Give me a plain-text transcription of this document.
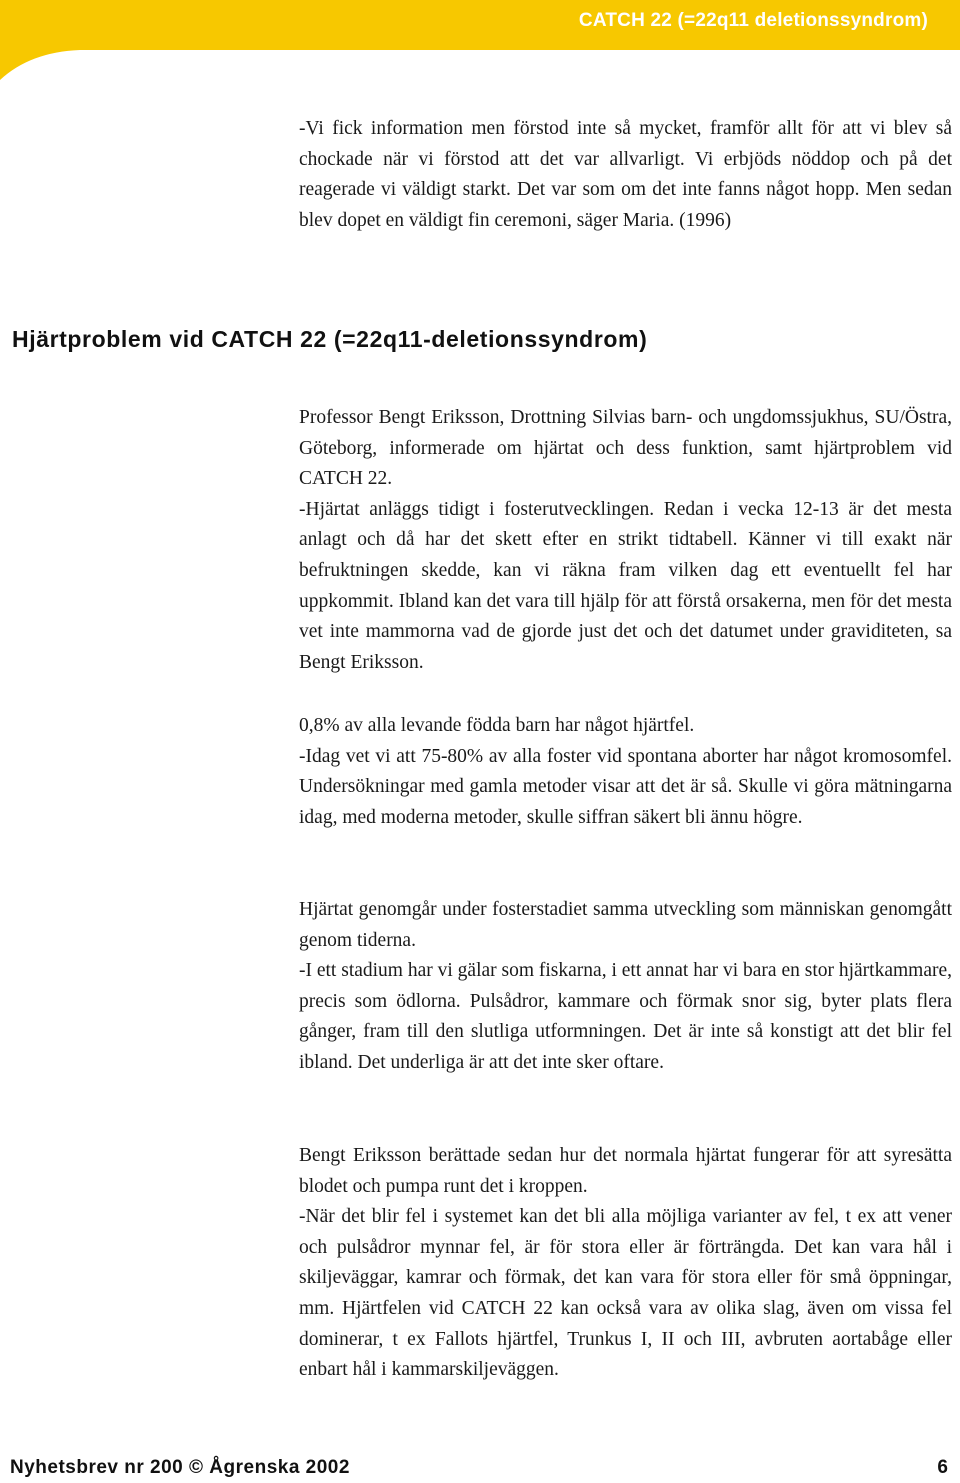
CATCH 22 (=22q11 deletionssyndrom)

-Vi fick information men förstod inte så mycket, framför allt för att vi blev så chockade när vi förstod att det var allvarligt. Vi erbjöds nöddop och på det reagerade vi väldigt starkt. Det var som om det inte fanns något hopp. Men sedan blev dopet en väldigt fin ceremoni, säger Maria. (1996)

Hjärtproblem vid CATCH 22 (=22q11-deletionssyndrom)

Professor Bengt Eriksson, Drottning Silvias barn- och ungdomssjukhus, SU/Östra, Göteborg, informerade om hjärtat och dess funktion, samt hjärtproblem vid CATCH 22.

-Hjärtat anläggs tidigt i fosterutvecklingen. Redan i vecka 12-13 är det mesta anlagt och då har det skett efter en strikt tidtabell. Känner vi till exakt när befruktningen skedde, kan vi räkna fram vilken dag ett eventuellt fel har uppkommit. Ibland kan det vara till hjälp för att förstå orsakerna, men för det mesta vet inte mammorna vad de gjorde just det och det datumet under graviditeten, sa Bengt Eriksson.

0,8% av alla levande födda barn har något hjärtfel.

-Idag vet vi att 75-80% av alla foster vid spontana aborter har något kromosomfel. Undersökningar med gamla metoder visar att det är så. Skulle vi göra mätningarna idag, med moderna metoder, skulle siffran säkert bli ännu högre.

Hjärtat genomgår under fosterstadiet samma utveckling som människan genomgått genom tiderna.

-I ett stadium har vi gälar som fiskarna, i ett annat har vi bara en stor hjärtkammare, precis som ödlorna. Pulsådror, kammare och förmak snor sig, byter plats flera gånger, fram till den slutliga utformningen. Det är inte så konstigt att det blir fel ibland. Det underliga är att det inte sker oftare.

Bengt Eriksson berättade sedan hur det normala hjärtat fungerar för att syresätta blodet och pumpa runt det i kroppen.

-När det blir fel i systemet kan det bli alla möjliga varianter av fel, t ex att vener och pulsådror mynnar fel, är för stora eller är förträngda. Det kan vara hål i skiljeväggar, kamrar och förmak, det kan vara för stora eller för små öppningar, mm. Hjärtfelen vid CATCH 22 kan också vara av olika slag, även om vissa fel dominerar, t ex Fallots hjärtfel, Trunkus I, II och III, avbruten aortabåge eller enbart hål i kammarskiljeväggen.

Nyhetsbrev nr 200 © Ågrenska 2002	6
